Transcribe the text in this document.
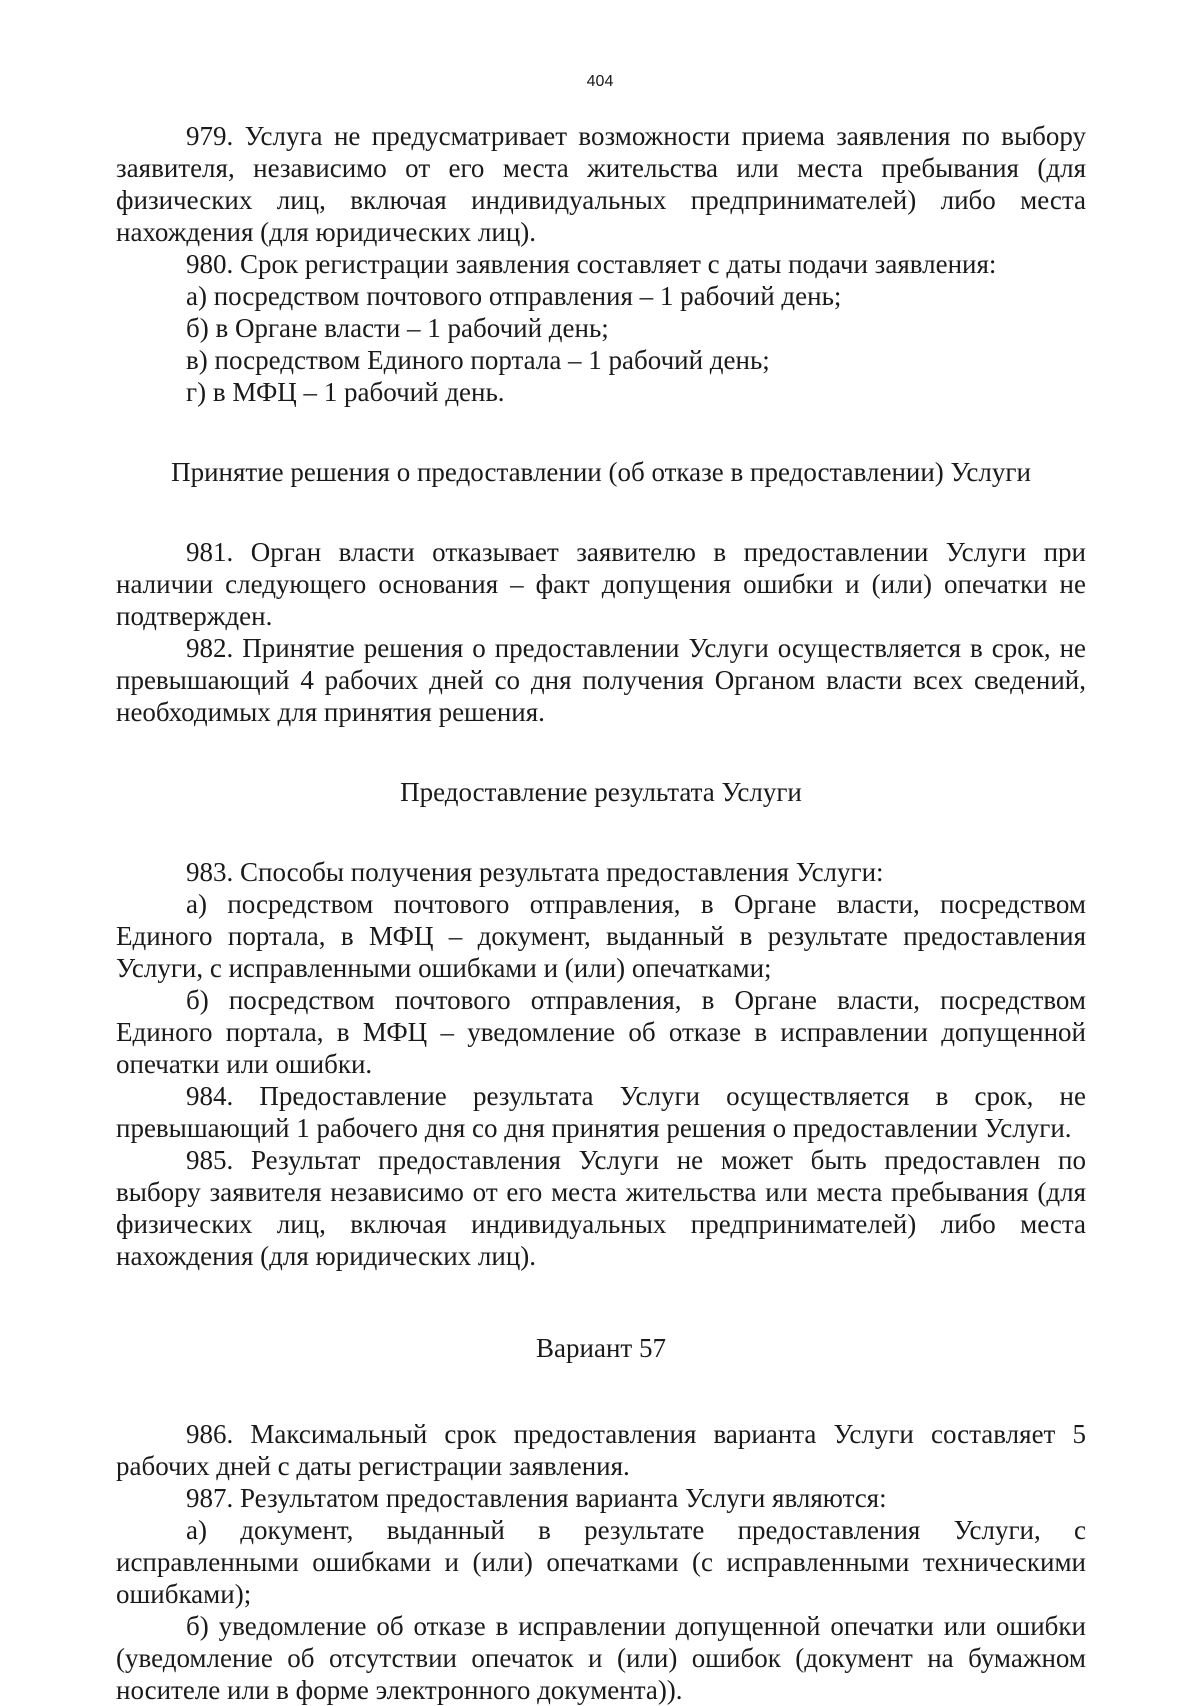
404

979. Услуга не предусматривает возможности приема заявления по выбору заявителя, независимо от его места жительства или места пребывания (для физических лиц, включая индивидуальных предпринимателей) либо места нахождения (для юридических лиц).

980. Срок регистрации заявления составляет с даты подачи заявления:

а) посредством почтового отправления – 1 рабочий день;

б) в Органе власти – 1 рабочий день;

в) посредством Единого портала – 1 рабочий день;

г) в МФЦ – 1 рабочий день.

Принятие решения о предоставлении (об отказе в предоставлении) Услуги

981. Орган власти отказывает заявителю в предоставлении Услуги при наличии следующего основания – факт допущения ошибки и (или) опечатки не подтвержден.

982. Принятие решения о предоставлении Услуги осуществляется в срок, не превышающий 4 рабочих дней со дня получения Органом власти всех сведений, необходимых для принятия решения.

Предоставление результата Услуги

983. Способы получения результата предоставления Услуги:

а) посредством почтового отправления, в Органе власти, посредством Единого портала, в МФЦ – документ, выданный в результате предоставления Услуги, с исправленными ошибками и (или) опечатками;

б) посредством почтового отправления, в Органе власти, посредством Единого портала, в МФЦ – уведомление об отказе в исправлении допущенной опечатки или ошибки.

984. Предоставление результата Услуги осуществляется в срок, не превышающий 1 рабочего дня со дня принятия решения о предоставлении Услуги.

985. Результат предоставления Услуги не может быть предоставлен по выбору заявителя независимо от его места жительства или места пребывания (для физических лиц, включая индивидуальных предпринимателей) либо места нахождения (для юридических лиц).

Вариант 57

986. Максимальный срок предоставления варианта Услуги составляет 5 рабочих дней с даты регистрации заявления.

987. Результатом предоставления варианта Услуги являются:

а) документ, выданный в результате предоставления Услуги, с исправленными ошибками и (или) опечатками (с исправленными техническими ошибками);

б) уведомление об отказе в исправлении допущенной опечатки или ошибки (уведомление об отсутствии опечаток и (или) ошибок (документ на бумажном носителе или в форме электронного документа)).
